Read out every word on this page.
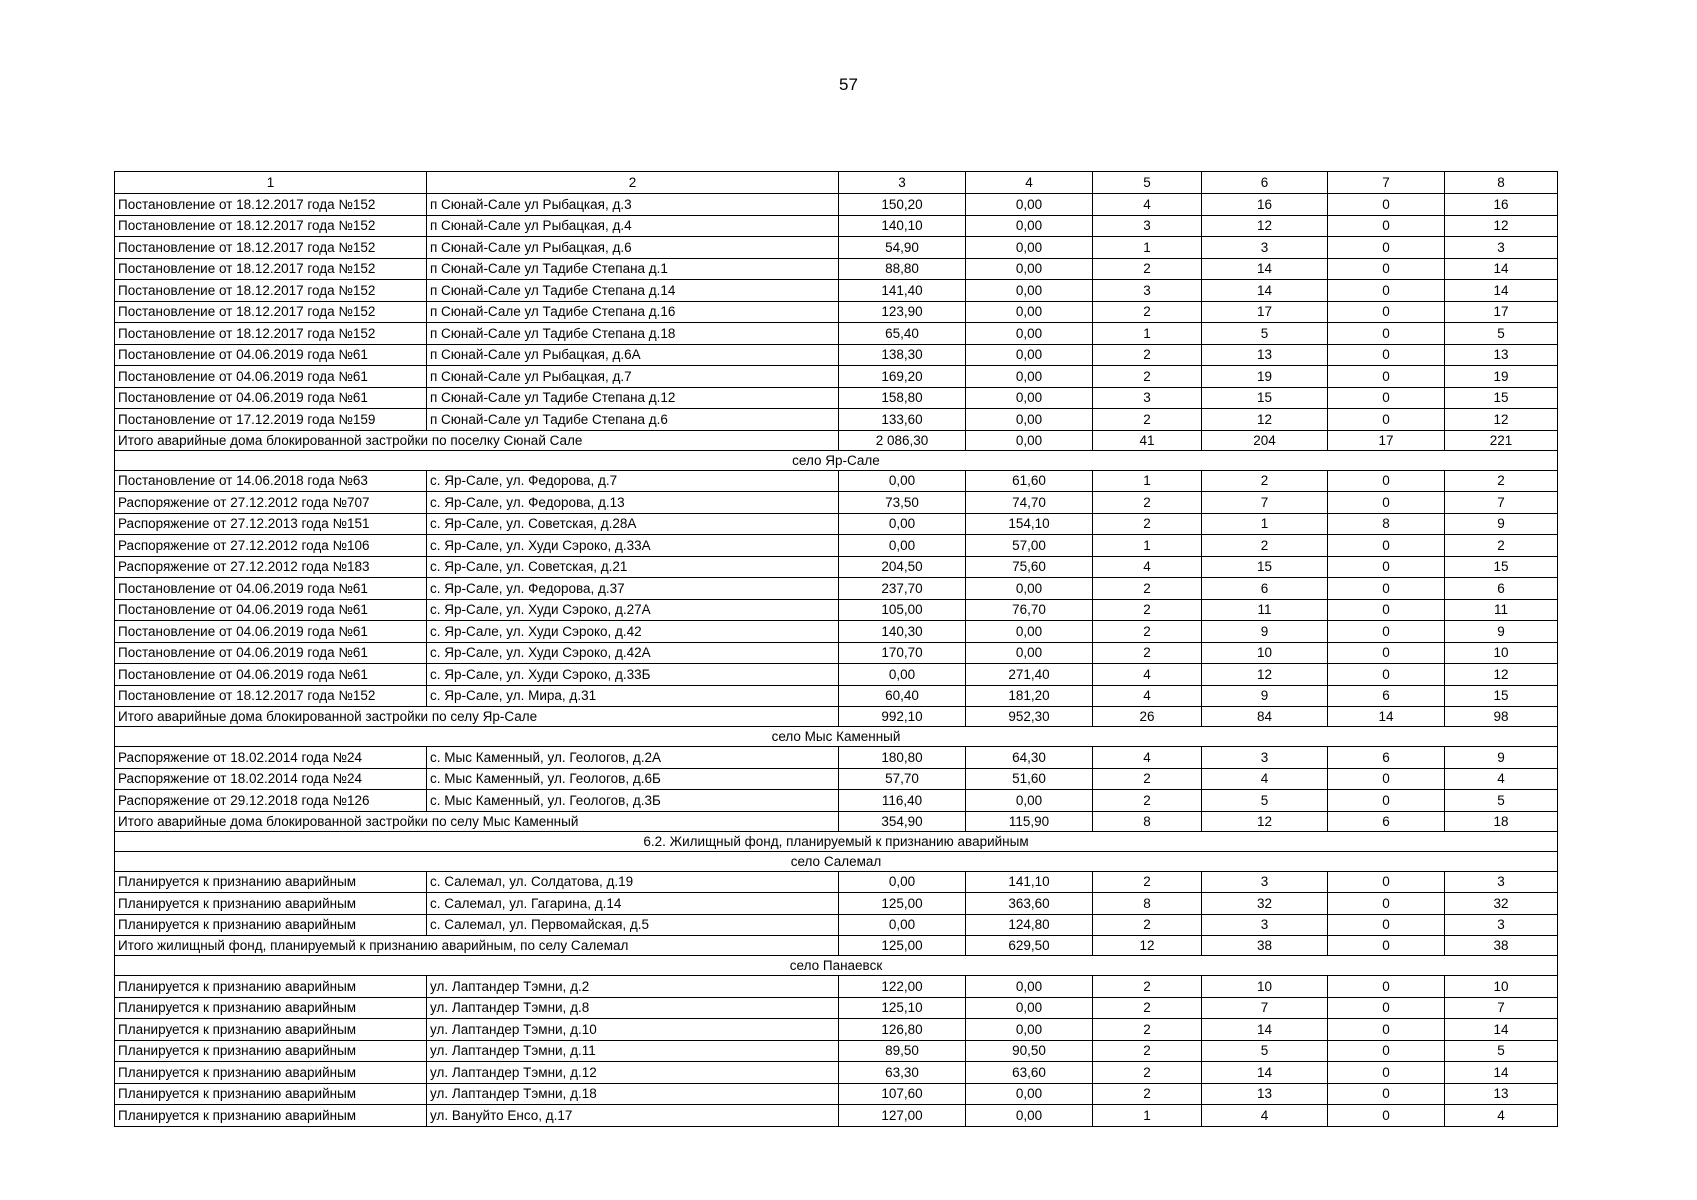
57
1	2	3	4	5	6	7	8
Постановление от 18.12.2017 года №152	п Сюнай-Сале ул Рыбацкая, д.3	150,20	0,00	4	16	0	16
Постановление от 18.12.2017 года №152	п Сюнай-Сале ул Рыбацкая, д.4	140,10	0,00	3	12	0	12
Постановление от 18.12.2017 года №152	п Сюнай-Сале ул Рыбацкая, д.6	54,90	0,00	1	3	0	3
Постановление от 18.12.2017 года №152	п Сюнай-Сале ул Тадибе Степана д.1	88,80	0,00	2	14	0	14
Постановление от 18.12.2017 года №152	п Сюнай-Сале ул Тадибе Степана д.14	141,40	0,00	3	14	0	14
Постановление от 18.12.2017 года №152	п Сюнай-Сале ул Тадибе Степана д.16	123,90	0,00	2	17	0	17
Постановление от 18.12.2017 года №152	п Сюнай-Сале ул Тадибе Степана д.18	65,40	0,00	1	5	0	5
Постановление от 04.06.2019 года №61	п Сюнай-Сале ул Рыбацкая, д.6А	138,30	0,00	2	13	0	13
Постановление от 04.06.2019 года №61	п Сюнай-Сале ул Рыбацкая, д.7	169,20	0,00	2	19	0	19
Постановление от 04.06.2019 года №61	п Сюнай-Сале ул Тадибе Степана д.12	158,80	0,00	3	15	0	15
Постановление от 17.12.2019 года №159	п Сюнай-Сале ул Тадибе Степана д.6	133,60	0,00	2	12	0	12
Итого аварийные дома блокированной застройки по поселку Сюнай Сале		2 086,30	0,00	41	204	17	221
село Яр-Сале							
Постановление от 14.06.2018 года №63	с. Яр-Сале, ул. Федорова, д.7	0,00	61,60	1	2	0	2
Распоряжение от 27.12.2012 года №707	с. Яр-Сале, ул. Федорова, д.13	73,50	74,70	2	7	0	7
Распоряжение от 27.12.2013 года №151	с. Яр-Сале, ул. Советская, д.28А	0,00	154,10	2	1	8	9
Распоряжение от 27.12.2012 года №106	с. Яр-Сале, ул. Худи Сэроко, д.33А	0,00	57,00	1	2	0	2
Распоряжение от 27.12.2012 года №183	с. Яр-Сале, ул. Советская, д.21	204,50	75,60	4	15	0	15
Постановление от 04.06.2019 года №61	с. Яр-Сале, ул. Федорова, д.37	237,70	0,00	2	6	0	6
Постановление от 04.06.2019 года №61	с. Яр-Сале, ул. Худи Сэроко, д.27А	105,00	76,70	2	11	0	11
Постановление от 04.06.2019 года №61	с. Яр-Сале, ул. Худи Сэроко, д.42	140,30	0,00	2	9	0	9
Постановление от 04.06.2019 года №61	с. Яр-Сале, ул. Худи Сэроко, д.42А	170,70	0,00	2	10	0	10
Постановление от 04.06.2019 года №61	с. Яр-Сале, ул. Худи Сэроко, д.33Б	0,00	271,40	4	12	0	12
Постановление от 18.12.2017 года №152	с. Яр-Сале, ул. Мира, д.31	60,40	181,20	4	9	6	15
Итого аварийные дома блокированной застройки по селу Яр-Сале		992,10	952,30	26	84	14	98
село Мыс Каменный							
Распоряжение от 18.02.2014 года №24	с. Мыс Каменный, ул. Геологов, д.2А	180,80	64,30	4	3	6	9
Распоряжение от 18.02.2014 года №24	с. Мыс Каменный, ул. Геологов, д.6Б	57,70	51,60	2	4	0	4
Распоряжение от 29.12.2018 года №126	с. Мыс Каменный, ул. Геологов, д.3Б	116,40	0,00	2	5	0	5
Итого аварийные дома блокированной застройки по селу Мыс Каменный		354,90	115,90	8	12	6	18
6.2. Жилищный фонд, планируемый к признанию аварийным							
село Салемал							
Планируется к признанию аварийным	с. Салемал, ул. Солдатова, д.19	0,00	141,10	2	3	0	3
Планируется к признанию аварийным	с. Салемал, ул. Гагарина, д.14	125,00	363,60	8	32	0	32
Планируется к признанию аварийным	с. Салемал, ул. Первомайская, д.5	0,00	124,80	2	3	0	3
Итого жилищный фонд, планируемый к признанию аварийным, по селу Салемал		125,00	629,50	12	38	0	38
село Панаевск							
Планируется к признанию аварийным	ул. Лаптандер Тэмни, д.2	122,00	0,00	2	10	0	10
Планируется к признанию аварийным	ул. Лаптандер Тэмни, д.8	125,10	0,00	2	7	0	7
Планируется к признанию аварийным	ул. Лаптандер Тэмни, д.10	126,80	0,00	2	14	0	14
Планируется к признанию аварийным	ул. Лаптандер Тэмни, д.11	89,50	90,50	2	5	0	5
Планируется к признанию аварийным	ул. Лаптандер Тэмни, д.12	63,30	63,60	2	14	0	14
Планируется к признанию аварийным	ул. Лаптандер Тэмни, д.18	107,60	0,00	2	13	0	13
Планируется к признанию аварийным	ул. Вануйто Енсо, д.17	127,00	0,00	1	4	0	4
